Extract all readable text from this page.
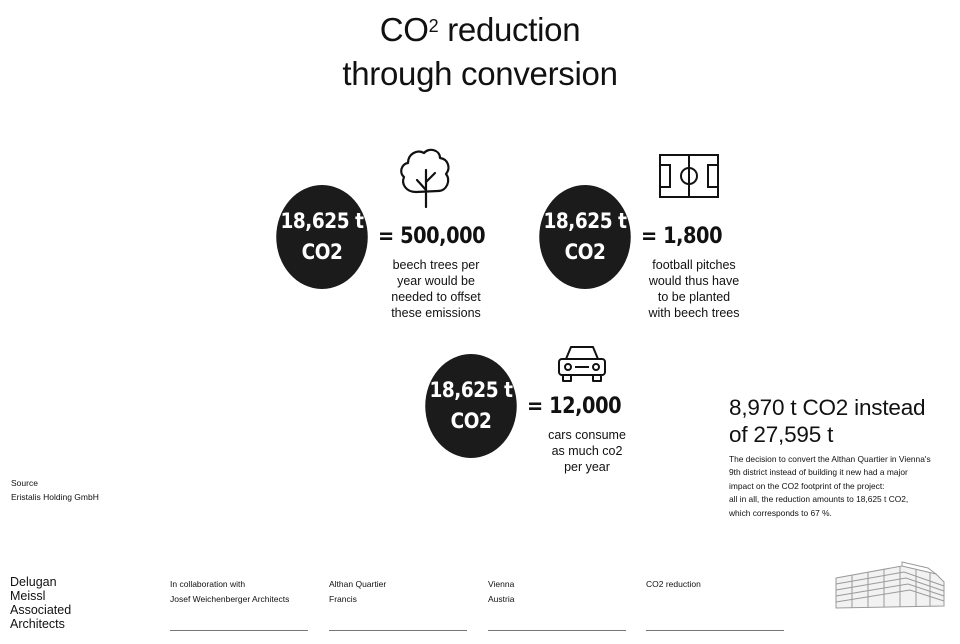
$CO^2$ reduction
through conversion
18,625 t
CO2
= 500,000
beech trees per
year would be
needed to offset
these emissions
18,625 t
CO2
= 1,800
football pitches
would thus have
to be planted
with beech trees
18,625 t
CO2
= 12,000
cars consume
as much co2
per year
8,970 t CO2 instead
of 27,595 t
The decision to convert the Althan Quartier in Vienna's
9th district instead of building it new had a major
impact on the CO2 footprint of the project:
all in all, the reduction amounts to 18,625 t CO2,
which corresponds to 67 %.
Source
Eristalis Holding GmbH
Delugan
Meissl
Associated
Architects
In collaboration with
Josef Weichenberger Architects
Althan Quartier
Francis
Vienna
Austria
CO2 reduction
